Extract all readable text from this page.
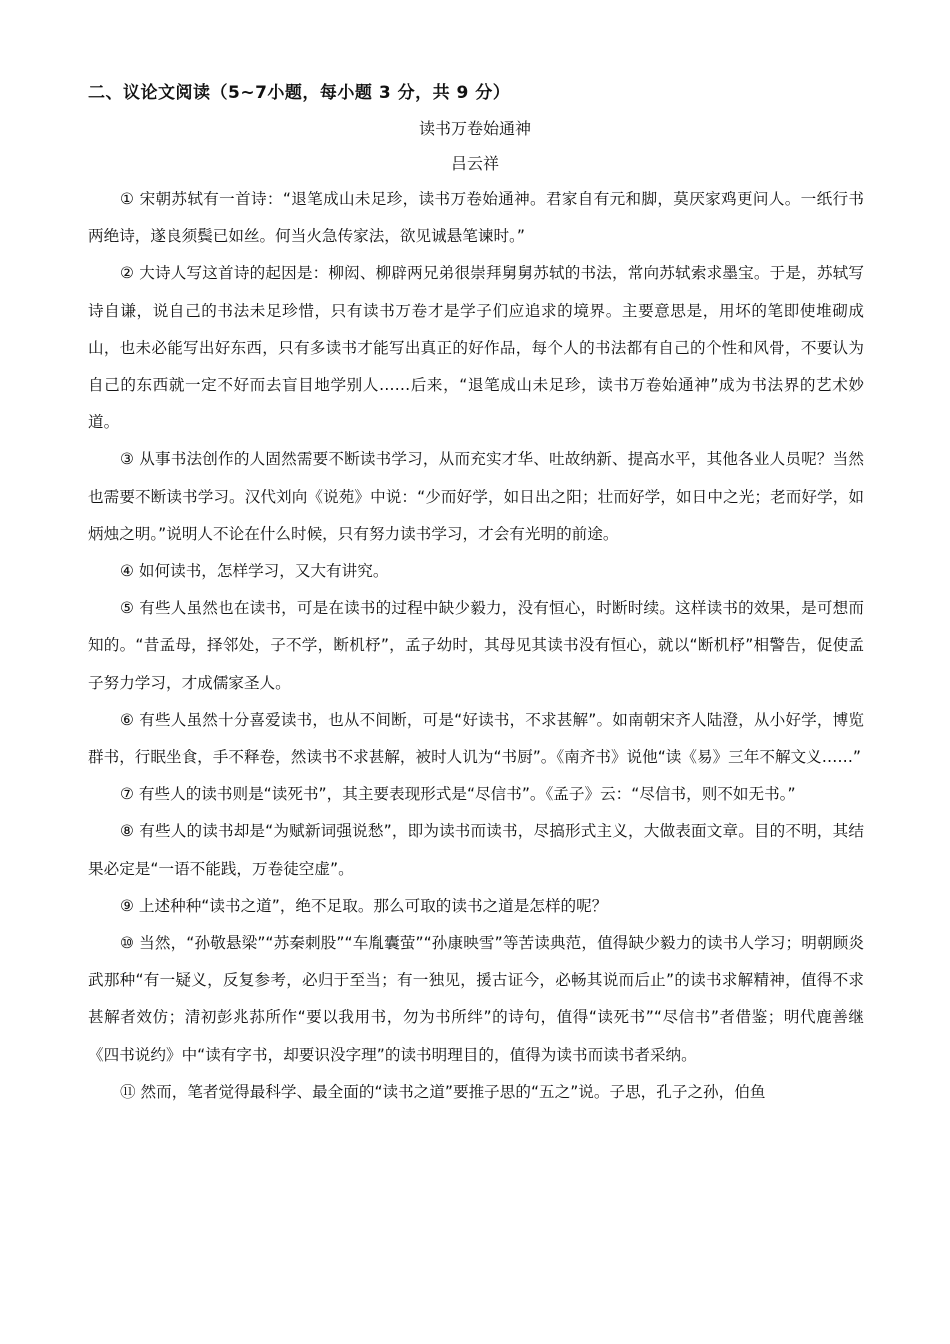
二、议论文阅读（5~7小题，每小题 3 分，共 9 分）
读书万卷始通神
吕云祥

① 宋朝苏轼有一首诗：“退笔成山未足珍，读书万卷始通神。君家自有元和脚，莫厌家鸡更问人。一纸行书两绝诗，遂良须鬓已如丝。何当火急传家法，欲见诚悬笔谏时。”

② 大诗人写这首诗的起因是：柳闳、柳辟两兄弟很崇拜舅舅苏轼的书法，常向苏轼索求墨宝。于是，苏轼写诗自谦，说自己的书法未足珍惜，只有读书万卷才是学子们应追求的境界。主要意思是，用坏的笔即使堆砌成山，也未必能写出好东西，只有多读书才能写出真正的好作品，每个人的书法都有自己的个性和风骨，不要认为自己的东西就一定不好而去盲目地学别人……后来，“退笔成山未足珍，读书万卷始通神”成为书法界的艺术妙道。

③ 从事书法创作的人固然需要不断读书学习，从而充实才华、吐故纳新、提高水平，其他各业人员呢？当然也需要不断读书学习。汉代刘向《说苑》中说：“少而好学，如日出之阳；壮而好学，如日中之光；老而好学，如炳烛之明。”说明人不论在什么时候，只有努力读书学习，才会有光明的前途。

④ 如何读书，怎样学习，又大有讲究。

⑤ 有些人虽然也在读书，可是在读书的过程中缺少毅力，没有恒心，时断时续。这样读书的效果，是可想而知的。“昔孟母，择邻处，子不学，断机杼”，孟子幼时，其母见其读书没有恒心，就以“断机杼”相警告，促使孟子努力学习，才成儒家圣人。

⑥ 有些人虽然十分喜爱读书，也从不间断，可是“好读书，不求甚解”。如南朝宋齐人陆澄，从小好学，博览群书，行眠坐食，手不释卷，然读书不求甚解，被时人讥为“书厨”。《南齐书》说他“读《易》三年不解文义……”

⑦ 有些人的读书则是“读死书”，其主要表现形式是“尽信书”。《孟子》云：“尽信书，则不如无书。”

⑧ 有些人的读书却是“为赋新词强说愁”，即为读书而读书，尽搞形式主义，大做表面文章。目的不明，其结果必定是“一语不能践，万卷徒空虚”。

⑨ 上述种种“读书之道”，绝不足取。那么可取的读书之道是怎样的呢？

⑩ 当然，“孙敬悬梁”“苏秦刺股”“车胤囊萤”“孙康映雪”等苦读典范，值得缺少毅力的读书人学习；明朝顾炎武那种“有一疑义，反复参考，必归于至当；有一独见，援古证今，必畅其说而后止”的读书求解精神，值得不求甚解者效仿；清初彭兆荪所作“要以我用书，勿为书所绊”的诗句，值得“读死书”“尽信书”者借鉴；明代鹿善继《四书说约》中“读有字书，却要识没字理”的读书明理目的，值得为读书而读书者采纳。

⑪ 然而，笔者觉得最科学、最全面的“读书之道”要推子思的“五之”说。子思，孔子之孙，伯鱼
